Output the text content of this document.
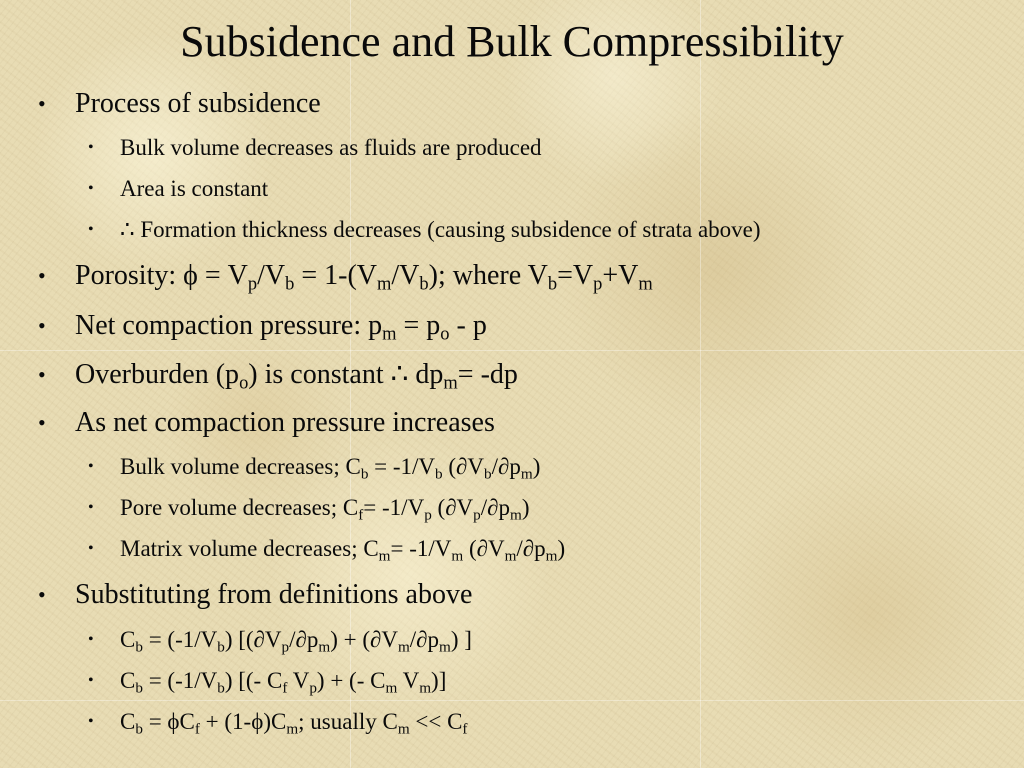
Subsidence and Bulk Compressibility
• Process of subsidence
• Bulk volume decreases as fluids are produced
• Area is constant
• ∴ Formation thickness decreases (causing subsidence of strata above)
• Porosity: $\phi = V_p/V_b = 1-(V_m/V_b)$; where $V_b=V_p+V_m$
• Net compaction pressure: $p_m = p_o - p$
• Overburden $(p_o)$ is constant ∴ $dp_m= -dp$
• As net compaction pressure increases
• Bulk volume decreases; $C_b = -1/V_b$ $(\partial V_b/\partial p_m)$
• Pore volume decreases; $C_f= -1/V_p$ $(\partial V_p/\partial p_m)$
• Matrix volume decreases; $C_m= -1/V_m$ $(\partial V_m/\partial p_m)$
• Substituting from definitions above
• $C_b = (-1/V_b) [(\partial V_p/\partial p_m) + (\partial V_m/\partial p_m)$ ]
• $C_b = (-1/V_b)$ [(- $C_f$ $V_p$) + (- $C_m$ $V_m$)]
• $C_b = \phi C_f + (1-\phi)C_m$; usually $C_m << C_f$
